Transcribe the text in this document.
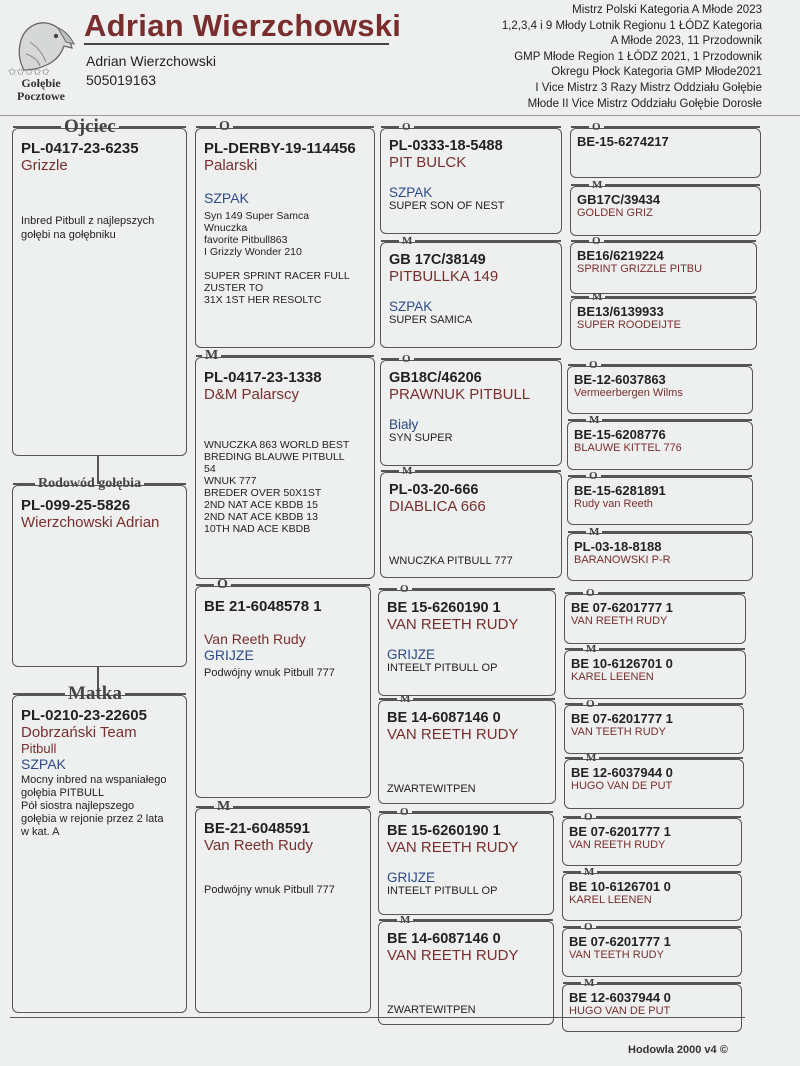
✩✩✩✩✩
Gołębie
Pocztowe
Adrian Wierzchowski
Adrian Wierzchowski
505019163
Mistrz Polski Kategoria A Młode 2023
1,2,3,4 i 9 Młody Lotnik Regionu 1 ŁÓDZ Kategoria
A Młode 2023, 11 Przodownik
GMP Młode Region 1 ŁÓDZ 2021, 1 Przodownik
Okregu Płock Kategoria GMP Młode2021
I Vice Mistrz 3 Razy Mistrz Oddziału Gołębie
Młode II Vice Mistrz Oddziału Gołębie Dorosłe
Ojciec
PL-0417-23-6235
Grizzle
Inbred Pitbull z najlepszych
gołębi na gołębniku
Rodowód gołębia
PL-099-25-5826
Wierzchowski Adrian
Matka
PL-0210-23-22605
Dobrzański Team
Pitbull
SZPAK
Mocny inbred na wspaniałego
gołębia PITBULL
Pół siostra najlepszego
gołębia w rejonie przez 2 lata
w kat. A
O
PL-DERBY-19-114456
Palarski
SZPAK
Syn 149 Super Samca
Wnuczka
favorite Pitbull863
I Grizzly Wonder 210
SUPER SPRINT RACER FULL
ZUSTER TO
31X 1ST HER RESOLTC
M
PL-0417-23-1338
D&M Palarscy
WNUCZKA 863 WORLD BEST
BREDING BLAUWE PITBULL
54
WNUK 777
BREDER OVER 50X1ST
2ND NAT ACE KBDB 15
2ND NAT ACE KBDB 13
10TH NAD ACE KBDB
O
BE 21-6048578 1
Van Reeth Rudy
GRIJZE
Podwójny wnuk Pitbull 777
M
BE-21-6048591
Van Reeth Rudy
Podwójny wnuk Pitbull 777
O
PL-0333-18-5488
PIT BULCK
SZPAK
SUPER SON OF NEST
M
GB 17C/38149
PITBULLKA 149
SZPAK
SUPER SAMICA
O
GB18C/46206
PRAWNUK PITBULL
Biały
SYN SUPER
M
PL-03-20-666
DIABLICA 666
WNUCZKA PITBULL 777
O
BE 15-6260190 1
VAN REETH RUDY
GRIJZE
INTEELT PITBULL OP
M
BE 14-6087146 0
VAN REETH RUDY
ZWARTEWITPEN
O
BE 15-6260190 1
VAN REETH RUDY
GRIJZE
INTEELT PITBULL OP
M
BE 14-6087146 0
VAN REETH RUDY
ZWARTEWITPEN
O
BE-15-6274217
M
GB17C/39434
GOLDEN GRIZ
O
BE16/6219224
SPRINT GRIZZLE PITBU
M
BE13/6139933
SUPER ROODEIJTE
O
BE-12-6037863
Vermeerbergen Wilms
M
BE-15-6208776
BLAUWE KITTEL 776
O
BE-15-6281891
Rudy van Reeth
M
PL-03-18-8188
BARANOWSKI P-R
O
BE 07-6201777 1
VAN REETH RUDY
M
BE 10-6126701 0
KAREL LEENEN
O
BE 07-6201777 1
VAN TEETH RUDY
M
BE 12-6037944 0
HUGO VAN DE PUT
O
BE 07-6201777 1
VAN REETH RUDY
M
BE 10-6126701 0
KAREL LEENEN
O
BE 07-6201777 1
VAN TEETH RUDY
M
BE 12-6037944 0
HUGO VAN DE PUT
Hodowla 2000 v4 ©
